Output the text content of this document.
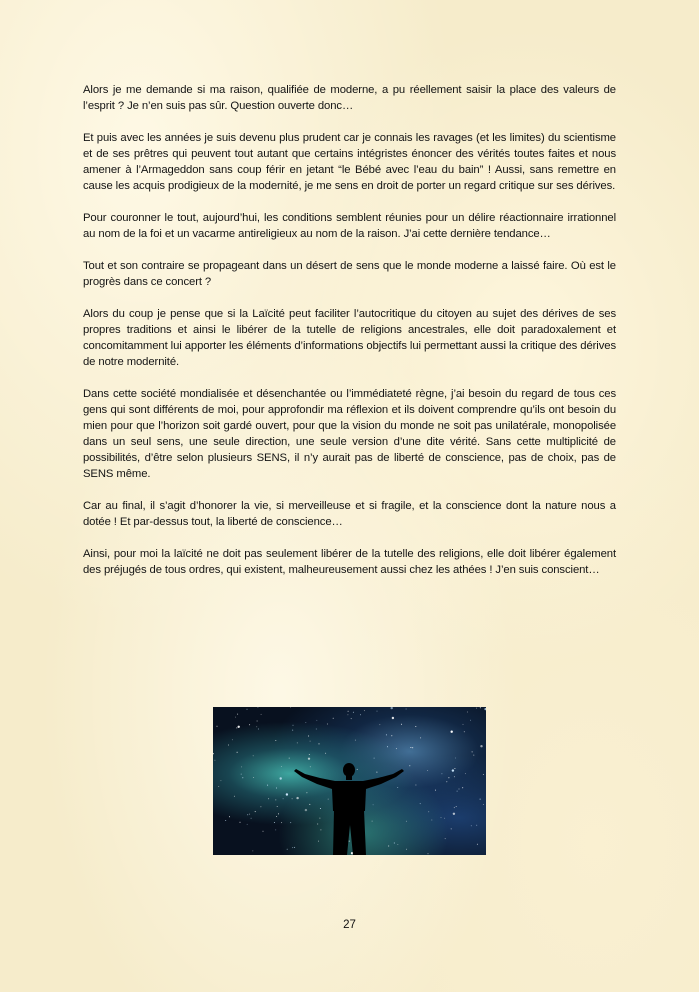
Alors je me demande si ma raison, qualifiée de moderne, a pu réellement saisir la place des valeurs de l’esprit ? Je n’en suis pas sûr. Question ouverte donc…

Et puis avec les années je suis devenu plus prudent car je connais les ravages (et les limites) du scientisme et de ses prêtres qui peuvent tout autant que certains intégristes énoncer des vérités toutes faites et nous amener à l’Armageddon sans coup férir en jetant “le Bébé avec l’eau du bain” ! Aussi, sans remettre en cause les acquis prodigieux de la modernité, je me sens en droit de porter un regard critique sur ses dérives.

Pour couronner le tout, aujourd’hui, les conditions semblent réunies pour un délire réactionnaire irrationnel au nom de la foi et un vacarme antireligieux au nom de la raison. J’ai cette dernière tendance…

Tout et son contraire se propageant dans un désert de sens que le monde moderne a laissé faire. Où est le progrès dans ce concert ?

Alors du coup je pense que si la Laïcité peut faciliter l’autocritique du citoyen au sujet des dérives de ses propres traditions et ainsi le libérer de la tutelle de religions ancestrales, elle doit paradoxalement et concomitamment lui apporter les éléments d’informations objectifs lui permettant aussi la critique des dérives de notre modernité.

Dans cette société mondialisée et désenchantée ou l’immédiateté règne, j’ai besoin du regard de tous ces gens qui sont différents de moi, pour approfondir ma réflexion et ils doivent comprendre qu’ils ont besoin du mien pour que l’horizon soit gardé ouvert, pour que la vision du monde ne soit pas unilatérale, monopolisée dans un seul sens, une seule direction, une seule version d’une dite vérité. Sans cette multiplicité de possibilités, d’être selon plusieurs SENS, il n’y aurait pas de liberté de conscience, pas de choix, pas de SENS même.

Car au final, il s’agit d’honorer la vie, si merveilleuse et si fragile, et la conscience dont la nature nous a dotée ! Et par-dessus tout, la liberté de conscience…

Ainsi, pour moi la laïcité ne doit pas seulement libérer de la tutelle des religions, elle doit libérer également des préjugés de tous ordres, qui existent, malheureusement aussi chez les athées ! J’en suis conscient…

27
